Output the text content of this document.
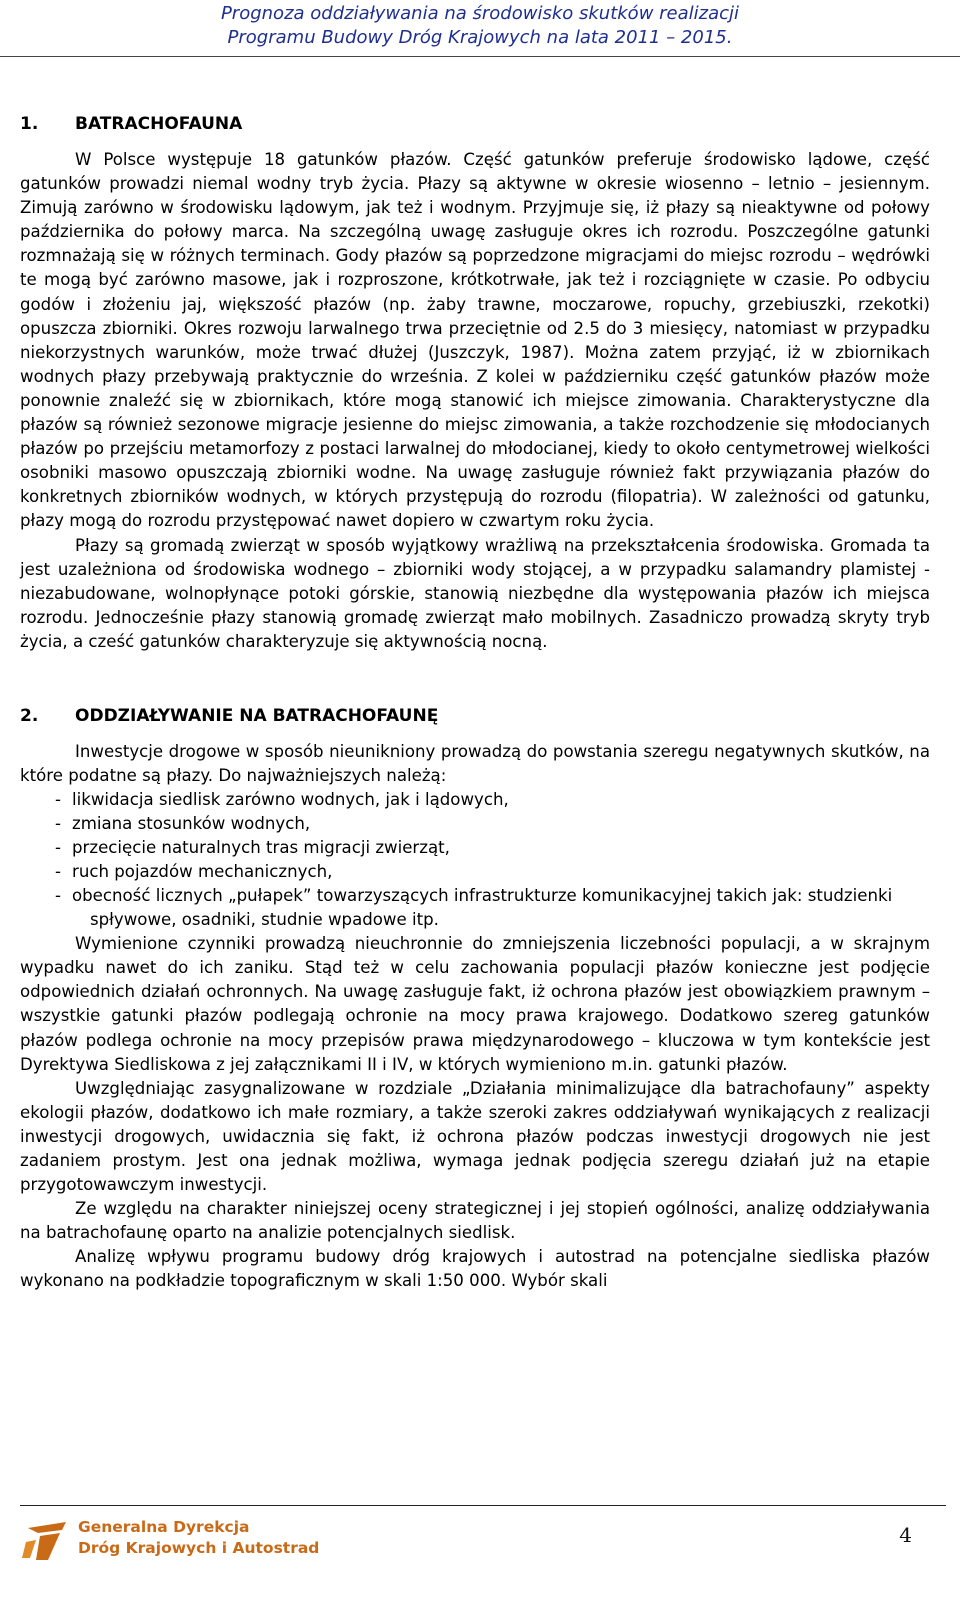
Prognoza oddziaływania na środowisko skutków realizacji
Programu Budowy Dróg Krajowych na lata 2011 – 2015.
1. BATRACHOFAUNA

W Polsce występuje 18 gatunków płazów. Część gatunków preferuje środowisko lądowe, część gatunków prowadzi niemal wodny tryb życia. Płazy są aktywne w okresie wiosenno – letnio – jesiennym. Zimują zarówno w środowisku lądowym, jak też i wodnym. Przyjmuje się, iż płazy są nieaktywne od połowy października do połowy marca. Na szczególną uwagę zasługuje okres ich rozrodu. Poszczególne gatunki rozmnażają się w różnych terminach. Gody płazów są poprzedzone migracjami do miejsc rozrodu – wędrówki te mogą być zarówno masowe, jak i rozproszone, krótkotrwałe, jak też i rozciągnięte w czasie. Po odbyciu godów i złożeniu jaj, większość płazów (np. żaby trawne, moczarowe, ropuchy, grzebiuszki, rzekotki) opuszcza zbiorniki. Okres rozwoju larwalnego trwa przeciętnie od 2.5 do 3 miesięcy, natomiast w przypadku niekorzystnych warunków, może trwać dłużej (Juszczyk, 1987). Można zatem przyjąć, iż w zbiornikach wodnych płazy przebywają praktycznie do września. Z kolei w październiku część gatunków płazów może ponownie znaleźć się w zbiornikach, które mogą stanowić ich miejsce zimowania. Charakterystyczne dla płazów są również sezonowe migracje jesienne do miejsc zimowania, a także rozchodzenie się młodocianych płazów po przejściu metamorfozy z postaci larwalnej do młodocianej, kiedy to około centymetrowej wielkości osobniki masowo opuszczają zbiorniki wodne. Na uwagę zasługuje również fakt przywiązania płazów do konkretnych zbiorników wodnych, w których przystępują do rozrodu (filopatria). W zależności od gatunku, płazy mogą do rozrodu przystępować nawet dopiero w czwartym roku życia.

Płazy są gromadą zwierząt w sposób wyjątkowy wrażliwą na przekształcenia środowiska. Gromada ta jest uzależniona od środowiska wodnego – zbiorniki wody stojącej, a w przypadku salamandry plamistej - niezabudowane, wolnopłynące potoki górskie, stanowią niezbędne dla występowania płazów ich miejsca rozrodu. Jednocześnie płazy stanowią gromadę zwierząt mało mobilnych. Zasadniczo prowadzą skryty tryb życia, a cześć gatunków charakteryzuje się aktywnością nocną.

2. ODDZIAŁYWANIE NA BATRACHOFAUNĘ

Inwestycje drogowe w sposób nieunikniony prowadzą do powstania szeregu negatywnych skutków, na które podatne są płazy. Do najważniejszych należą:

- likwidacja siedlisk zarówno wodnych, jak i lądowych,
- zmiana stosunków wodnych,
- przecięcie naturalnych tras migracji zwierząt,
- ruch pojazdów mechanicznych,
- obecność licznych „pułapek” towarzyszących infrastrukturze komunikacyjnej takich jak: studzienki spływowe, osadniki, studnie wpadowe itp.

Wymienione czynniki prowadzą nieuchronnie do zmniejszenia liczebności populacji, a w skrajnym wypadku nawet do ich zaniku. Stąd też w celu zachowania populacji płazów konieczne jest podjęcie odpowiednich działań ochronnych. Na uwagę zasługuje fakt, iż ochrona płazów jest obowiązkiem prawnym – wszystkie gatunki płazów podlegają ochronie na mocy prawa krajowego. Dodatkowo szereg gatunków płazów podlega ochronie na mocy przepisów prawa międzynarodowego – kluczowa w tym kontekście jest Dyrektywa Siedliskowa z jej załącznikami II i IV, w których wymieniono m.in. gatunki płazów.

Uwzględniając zasygnalizowane w rozdziale „Działania minimalizujące dla batrachofauny” aspekty ekologii płazów, dodatkowo ich małe rozmiary, a także szeroki zakres oddziaływań wynikających z realizacji inwestycji drogowych, uwidacznia się fakt, iż ochrona płazów podczas inwestycji drogowych nie jest zadaniem prostym. Jest ona jednak możliwa, wymaga jednak podjęcia szeregu działań już na etapie przygotowawczym inwestycji.

Ze względu na charakter niniejszej oceny strategicznej i jej stopień ogólności, analizę oddziaływania na batrachofaunę oparto na analizie potencjalnych siedlisk.

Analizę wpływu programu budowy dróg krajowych i autostrad na potencjalne siedliska płazów wykonano na podkładzie topograficznym w skali 1:50 000. Wybór skali

Generalna Dyrekcja
Dróg Krajowych i Autostrad
4
